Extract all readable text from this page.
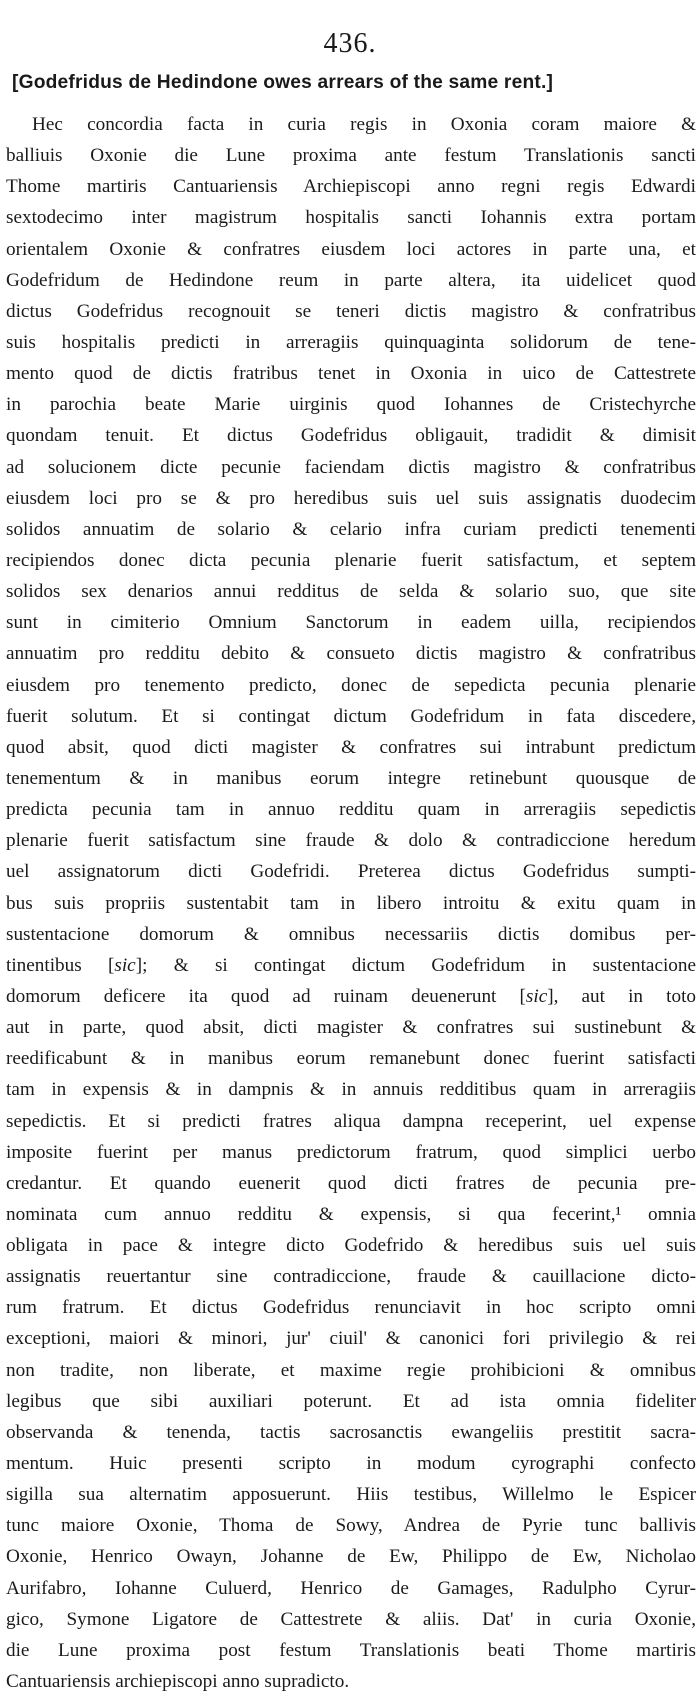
436.
[Godefridus de Hedindone owes arrears of the same rent.]
Hec concordia facta in curia regis in Oxonia coram maiore &
balliuis Oxonie die Lune proxima ante festum Translationis sancti
Thome martiris Cantuariensis Archiepiscopi anno regni regis Edwardi
sextodecimo inter magistrum hospitalis sancti Iohannis extra portam
orientalem Oxonie & confratres eiusdem loci actores in parte una, et
Godefridum de Hedindone reum in parte altera, ita uidelicet quod
dictus Godefridus recognouit se teneri dictis magistro & confratribus
suis hospitalis predicti in arreragiis quinquaginta solidorum de tene-
mento quod de dictis fratribus tenet in Oxonia in uico de Cattestrete
in parochia beate Marie uirginis quod Iohannes de Cristechyrche
quondam tenuit. Et dictus Godefridus obligauit, tradidit & dimisit
ad solucionem dicte pecunie faciendam dictis magistro & confratribus
eiusdem loci pro se & pro heredibus suis uel suis assignatis duodecim
solidos annuatim de solario & celario infra curiam predicti tenementi
recipiendos donec dicta pecunia plenarie fuerit satisfactum, et septem
solidos sex denarios annui redditus de selda & solario suo, que site
sunt in cimiterio Omnium Sanctorum in eadem uilla, recipiendos
annuatim pro redditu debito & consueto dictis magistro & confratribus
eiusdem pro tenemento predicto, donec de sepedicta pecunia plenarie
fuerit solutum. Et si contingat dictum Godefridum in fata discedere,
quod absit, quod dicti magister & confratres sui intrabunt predictum
tenementum & in manibus eorum integre retinebunt quousque de
predicta pecunia tam in annuo redditu quam in arreragiis sepedictis
plenarie fuerit satisfactum sine fraude & dolo & contradiccione heredum
uel assignatorum dicti Godefridi. Preterea dictus Godefridus sumpti-
bus suis propriis sustentabit tam in libero introitu & exitu quam in
sustentacione domorum & omnibus necessariis dictis domibus per-
tinentibus [sic]; & si contingat dictum Godefridum in sustentacione
domorum deficere ita quod ad ruinam deuenerunt [sic], aut in toto
aut in parte, quod absit, dicti magister & confratres sui sustinebunt &
reedificabunt & in manibus eorum remanebunt donec fuerint satisfacti
tam in expensis & in dampnis & in annuis redditibus quam in arreragiis
sepedictis. Et si predicti fratres aliqua dampna receperint, uel expense
imposite fuerint per manus predictorum fratrum, quod simplici uerbo
credantur. Et quando euenerit quod dicti fratres de pecunia pre-
nominata cum annuo redditu & expensis, si qua fecerint,¹ omnia
obligata in pace & integre dicto Godefrido & heredibus suis uel suis
assignatis reuertantur sine contradiccione, fraude & cauillacione dicto-
rum fratrum. Et dictus Godefridus renunciavit in hoc scripto omni
exceptioni, maiori & minori, jur' ciuil' & canonici fori privilegio & rei
non tradite, non liberate, et maxime regie prohibicioni & omnibus
legibus que sibi auxiliari poterunt. Et ad ista omnia fideliter
observanda & tenenda, tactis sacrosanctis ewangeliis prestitit sacra-
mentum. Huic presenti scripto in modum cyrographi confecto
sigilla sua alternatim apposuerunt. Hiis testibus, Willelmo le Espicer
tunc maiore Oxonie, Thoma de Sowy, Andrea de Pyrie tunc ballivis
Oxonie, Henrico Owayn, Johanne de Ew, Philippo de Ew, Nicholao
Aurifabro, Iohanne Culuerd, Henrico de Gamages, Radulpho Cyrur-
gico, Symone Ligatore de Cattestrete & aliis. Dat' in curia Oxonie,
die Lune proxima post festum Translationis beati Thome martiris
Cantuariensis archiepiscopi anno supradicto.
